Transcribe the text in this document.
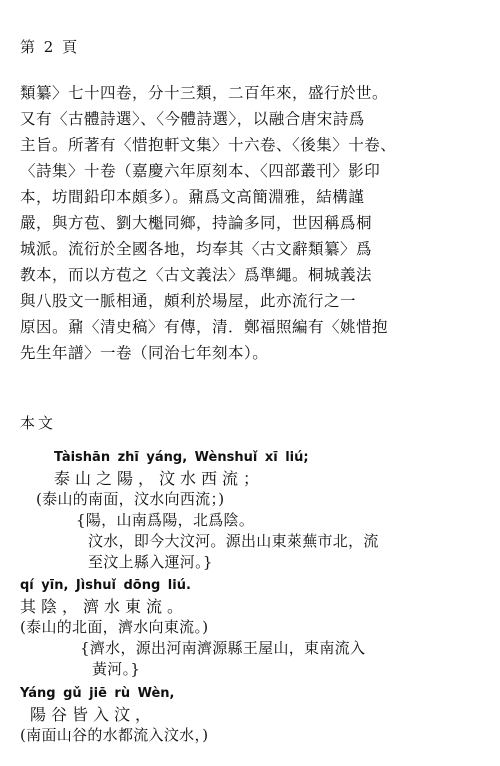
第 2 頁
類纂〉七十四卷，分十三類，二百年來，盛行於世。
又有〈古體詩選〉、〈今體詩選〉，以融合唐宋詩爲
主旨。所著有〈惜抱軒文集〉十六卷、〈後集〉十卷、
〈詩集〉十卷（嘉慶六年原刻本、〈四部叢刊〉影印
本，坊間鉛印本頗多）。鼐爲文高簡淵雅，結構謹
嚴，與方苞、劉大櫆同鄉，持論多同，世因稱爲桐
城派。流衍於全國各地，均奉其〈古文辭類纂〉爲
教本，而以方苞之〈古文義法〉爲準繩。桐城義法
與八股文一脈相通，頗利於場屋，此亦流行之一
原因。鼐〈清史稿〉有傳，清．鄭福照編有〈姚惜抱
先生年譜〉一卷（同治七年刻本）。
本文
Tàishān zhī yáng, Wènshuǐ xī liú;
泰山之陽，汶水西流；
(泰山的南面，汶水向西流；)
{陽，山南爲陽，北爲陰。
汶水，即今大汶河。源出山東萊蕪市北，流
至汶上縣入運河。}
qí yīn, Jìshuǐ dōng liú.
其陰，濟水東流。
(泰山的北面，濟水向東流。)
{濟水，源出河南濟源縣王屋山，東南流入
黃河。}
Yáng gǔ jiē rù Wèn,
陽谷皆入汶，
(南面山谷的水都流入汶水，)
